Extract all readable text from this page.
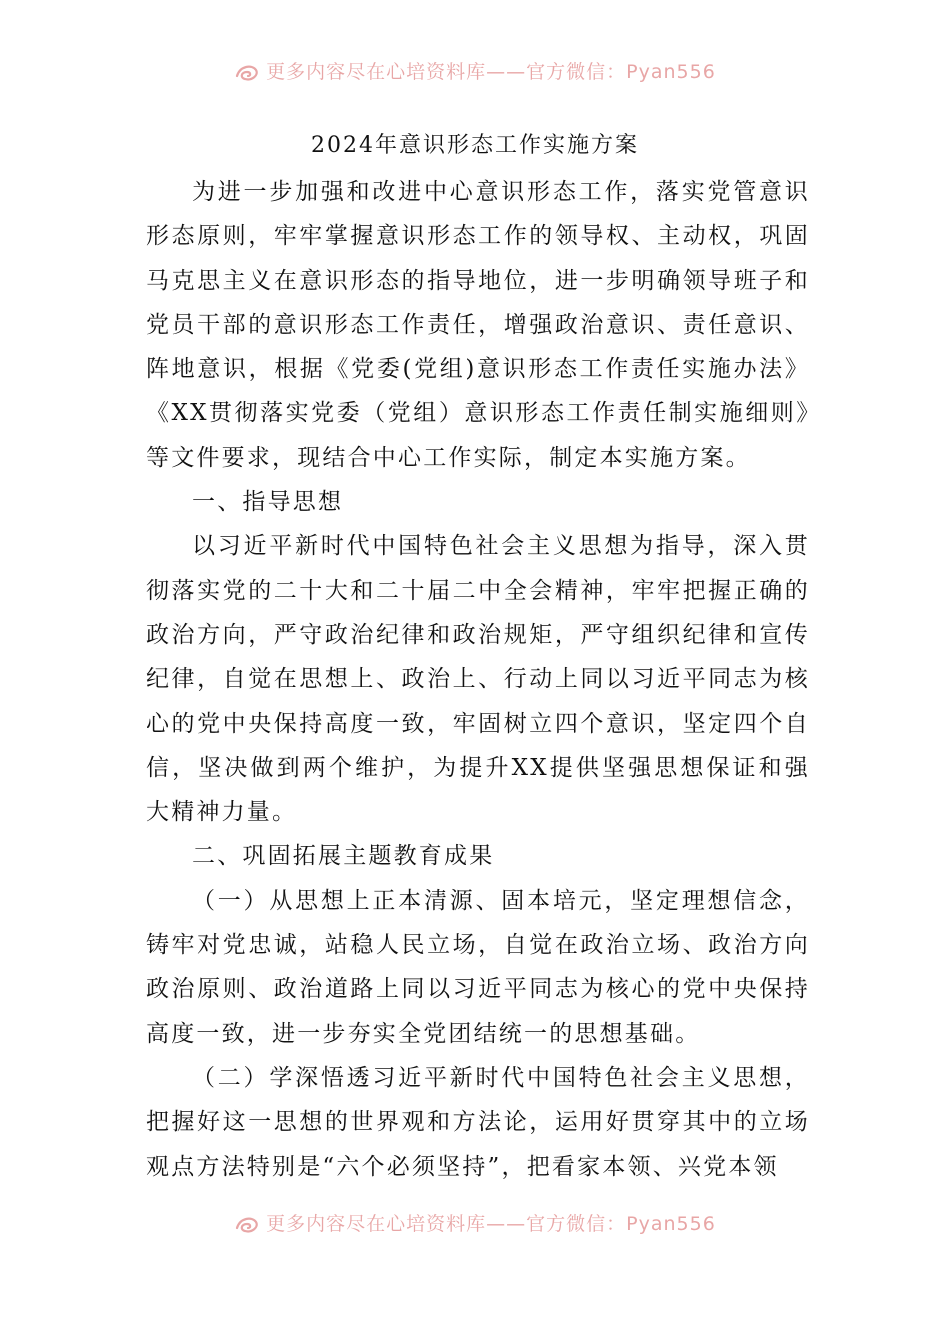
更多内容尽在心培资料库——官方微信：Pyan556
2024年意识形态工作实施方案

为进一步加强和改进中心意识形态工作，落实党管意识形态原则，牢牢掌握意识形态工作的领导权、主动权，巩固马克思主义在意识形态的指导地位，进一步明确领导班子和党员干部的意识形态工作责任，增强政治意识、责任意识、阵地意识，根据《党委(党组)意识形态工作责任实施办法》《XX贯彻落实党委（党组）意识形态工作责任制实施细则》等文件要求，现结合中心工作实际，制定本实施方案。

一、指导思想

以习近平新时代中国特色社会主义思想为指导，深入贯彻落实党的二十大和二十届二中全会精神，牢牢把握正确的政治方向，严守政治纪律和政治规矩，严守组织纪律和宣传纪律，自觉在思想上、政治上、行动上同以习近平同志为核心的党中央保持高度一致，牢固树立四个意识，坚定四个自信，坚决做到两个维护，为提升XX提供坚强思想保证和强大精神力量。

二、巩固拓展主题教育成果

（一）从思想上正本清源、固本培元，坚定理想信念，铸牢对党忠诚，站稳人民立场，自觉在政治立场、政治方向政治原则、政治道路上同以习近平同志为核心的党中央保持高度一致，进一步夯实全党团结统一的思想基础。

（二）学深悟透习近平新时代中国特色社会主义思想，把握好这一思想的世界观和方法论，运用好贯穿其中的立场观点方法特别是“六个必须坚持”，把看家本领、兴党本领

更多内容尽在心培资料库——官方微信：Pyan556
